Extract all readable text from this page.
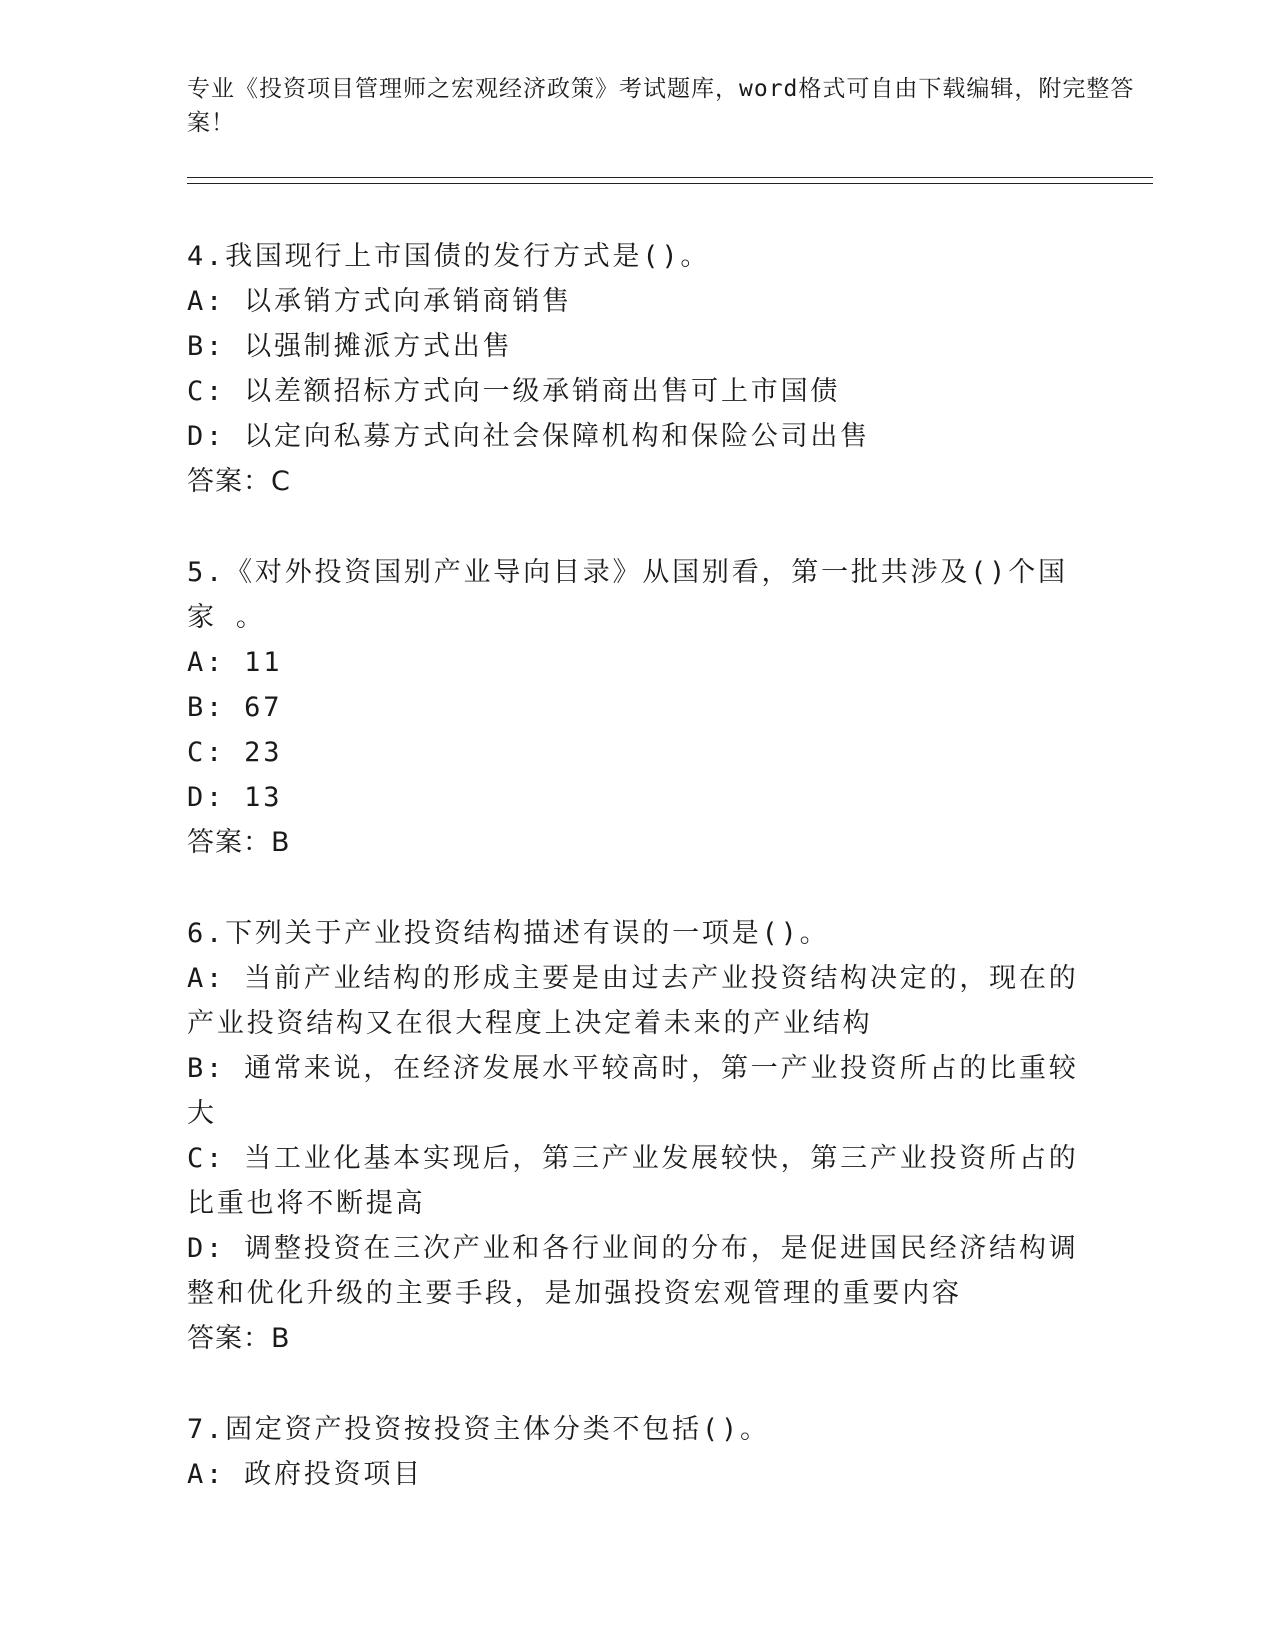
专业《投资项目管理师之宏观经济政策》考试题库，word格式可自由下载编辑，附完整答案！

4.我国现行上市国债的发行方式是()。

A: 以承销方式向承销商销售

B: 以强制摊派方式出售

C: 以差额招标方式向一级承销商出售可上市国债

D: 以定向私募方式向社会保障机构和保险公司出售

答案：C

5.《对外投资国别产业导向目录》从国别看，第一批共涉及()个国家 。

A: 11

B: 67

C: 23

D: 13

答案：B

6.下列关于产业投资结构描述有误的一项是()。

A: 当前产业结构的形成主要是由过去产业投资结构决定的，现在的产业投资结构又在很大程度上决定着未来的产业结构

B: 通常来说，在经济发展水平较高时，第一产业投资所占的比重较大

C: 当工业化基本实现后，第三产业发展较快，第三产业投资所占的比重也将不断提高

D: 调整投资在三次产业和各行业间的分布，是促进国民经济结构调整和优化升级的主要手段，是加强投资宏观管理的重要内容

答案：B

7.固定资产投资按投资主体分类不包括()。

A: 政府投资项目
